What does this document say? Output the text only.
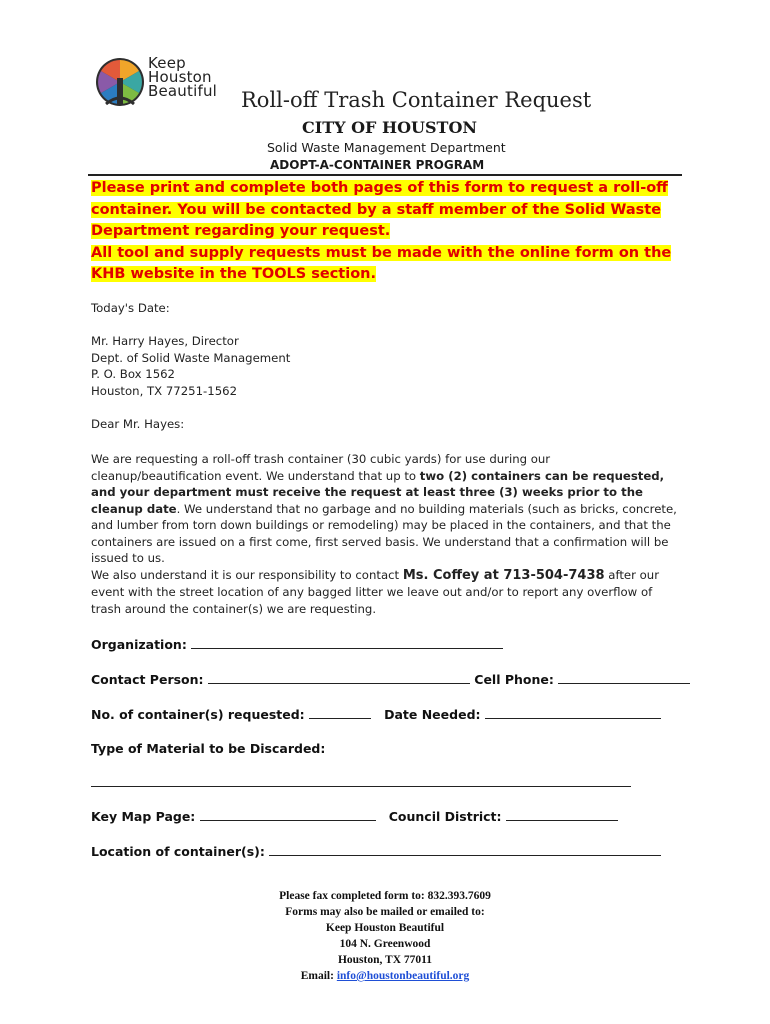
Keep
Houston
Beautiful Roll-off Trash Container Request
CITY OF HOUSTON
Solid Waste Management Department
ADOPT-A-CONTAINER PROGRAM
Please print and complete both pages of this form to request a roll-off
container. You will be contacted by a staff member of the Solid Waste
Department regarding your request.
All tool and supply requests must be made with the online form on the
KHB website in the TOOLS section.
Today's Date:
Mr. Harry Hayes, Director
Dept. of Solid Waste Management
P. O. Box 1562
Houston, TX 77251-1562
Dear Mr. Hayes:
We are requesting a roll-off trash container (30 cubic yards) for use during our cleanup/beautification event. We understand that up to two (2) containers can be requested, and your department must receive the request at least three (3) weeks prior to the cleanup date. We understand that no garbage and no building materials (such as bricks, concrete, and lumber from torn down buildings or remodeling) may be placed in the containers, and that the containers are issued on a first come, first served basis. We understand that a confirmation will be issued to us.
We also understand it is our responsibility to contact Ms. Coffey at 713-504-7438 after our event with the street location of any bagged litter we leave out and/or to report any overflow of trash around the container(s) we are requesting.
Organization:
Contact Person:	Cell Phone:
No. of container(s) requested:	Date Needed:
Type of Material to be Discarded:
Key Map Page:	Council District:
Location of container(s):
Please fax completed form to: 832.393.7609
Forms may also be mailed or emailed to:
Keep Houston Beautiful
104 N. Greenwood
Houston, TX 77011
Email: info@houstonbeautiful.org
